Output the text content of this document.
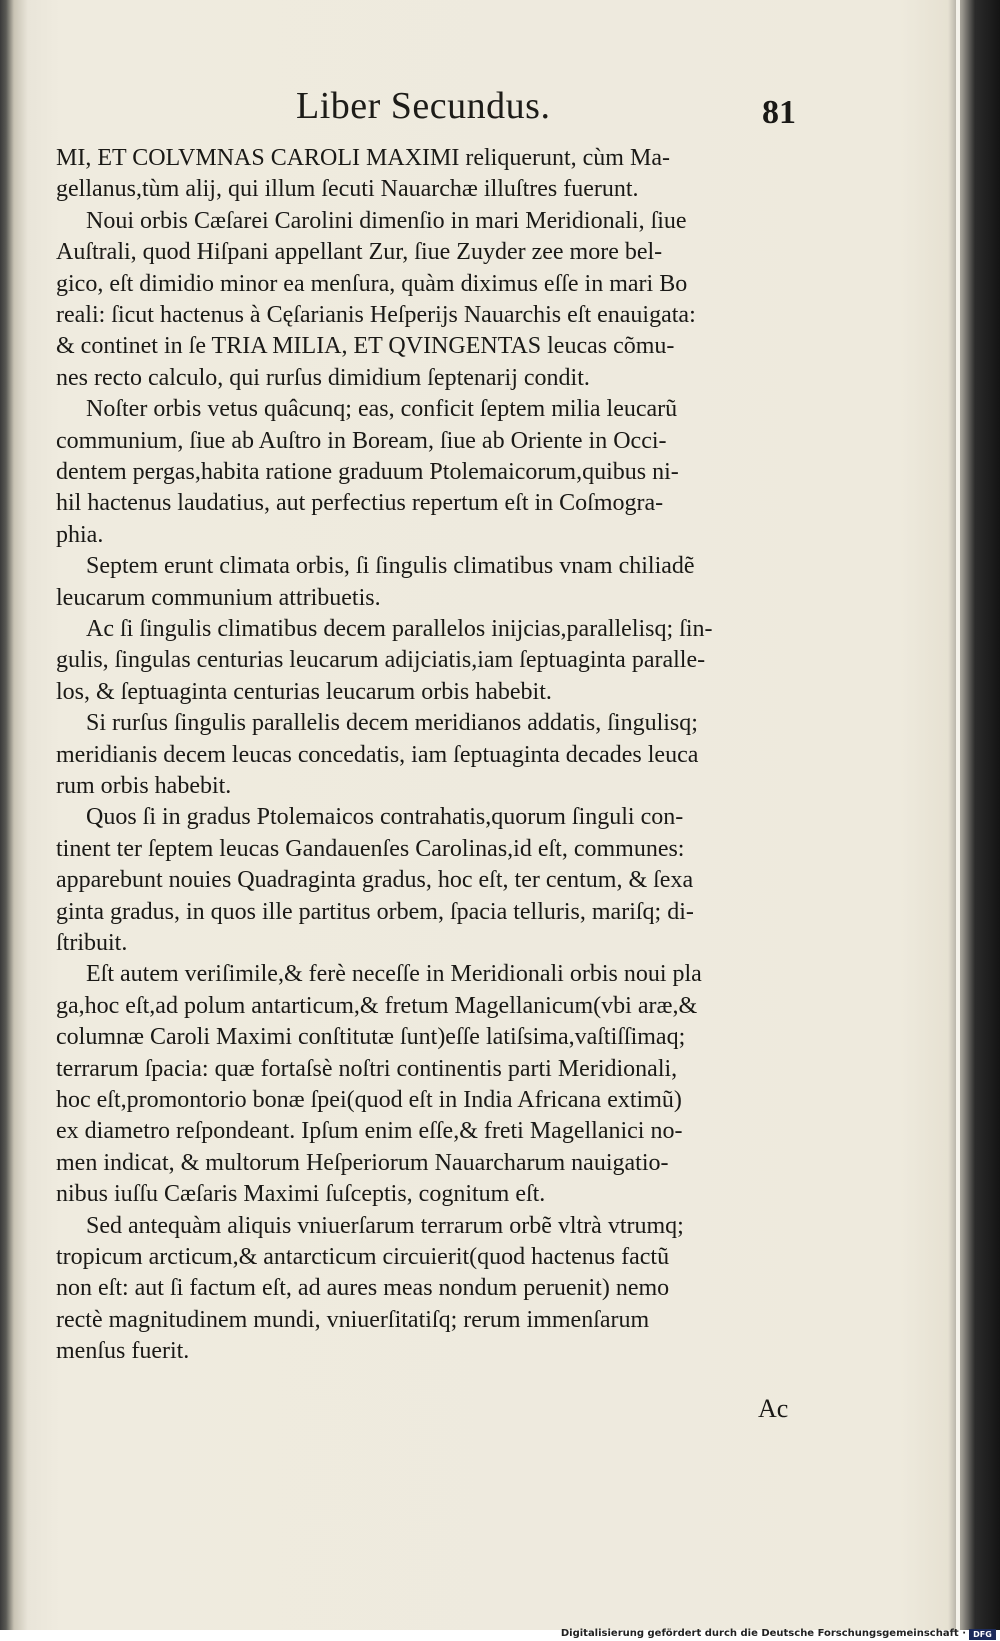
Liber Secundus.	81
MI, ET COLVMNAS CAROLI MAXIMI reliquerunt, cùm Ma-
gellanus,tùm alij, qui illum ſecuti Nauarchæ illuſtres fuerunt.
Noui orbis Cæſarei Carolini dimenſio in mari Meridionali, ſiue
Auſtrali, quod Hiſpani appellant Zur, ſiue Zuyder zee more bel-
gico, eſt dimidio minor ea menſura, quàm diximus eſſe in mari Bo
reali: ſicut hactenus à Cęſarianis Heſperijs Nauarchis eſt enauigata:
& continet in ſe TRIA MILIA, ET QVINGENTAS leucas cõmu-
nes recto calculo, qui rurſus dimidium ſeptenarij condit.
Noſter orbis vetus quâcunq; eas, conficit ſeptem milia leucarũ
communium, ſiue ab Auſtro in Boream, ſiue ab Oriente in Occi-
dentem pergas,habita ratione graduum Ptolemaicorum,quibus ni-
hil hactenus laudatius, aut perfectius repertum eſt in Coſmogra-
phia.
Septem erunt climata orbis, ſi ſingulis climatibus vnam chiliadẽ
leucarum communium attribuetis.
Ac ſi ſingulis climatibus decem parallelos inijcias,parallelisq; ſin-
gulis, ſingulas centurias leucarum adijciatis,iam ſeptuaginta paralle-
los, & ſeptuaginta centurias leucarum orbis habebit.
Si rurſus ſingulis parallelis decem meridianos addatis, ſingulisq;
meridianis decem leucas concedatis, iam ſeptuaginta decades leuca
rum orbis habebit.
Quos ſi in gradus Ptolemaicos contrahatis,quorum ſinguli con-
tinent ter ſeptem leucas Gandauenſes Carolinas,id eſt, communes:
apparebunt nouies Quadraginta gradus, hoc eſt, ter centum, & ſexa
ginta gradus, in quos ille partitus orbem, ſpacia telluris, mariſq; di-
ſtribuit.
Eſt autem veriſimile,& ferè neceſſe in Meridionali orbis noui pla
ga,hoc eſt,ad polum antarticum,& fretum Magellanicum(vbi aræ,&
columnæ Caroli Maximi conſtitutæ ſunt)eſſe latiſsima,vaſtiſſimaq;
terrarum ſpacia: quæ fortaſsè noſtri continentis parti Meridionali,
hoc eſt,promontorio bonæ ſpei(quod eſt in India Africana extimũ)
ex diametro reſpondeant. Ipſum enim eſſe,& freti Magellanici no-
men indicat, & multorum Heſperiorum Nauarcharum nauigatio-
nibus iuſſu Cæſaris Maximi ſuſceptis, cognitum eſt.
Sed antequàm aliquis vniuerſarum terrarum orbẽ vltrà vtrumq;
tropicum arcticum,& antarcticum circuierit(quod hactenus factũ
non eſt: aut ſi factum eſt, ad aures meas nondum peruenit) nemo
rectè magnitudinem mundi, vniuerſitatiſq; rerum immenſarum
menſus fuerit.
Ac
Digitalisierung gefördert durch die Deutsche Forschungsgemeinschaft · DFG
